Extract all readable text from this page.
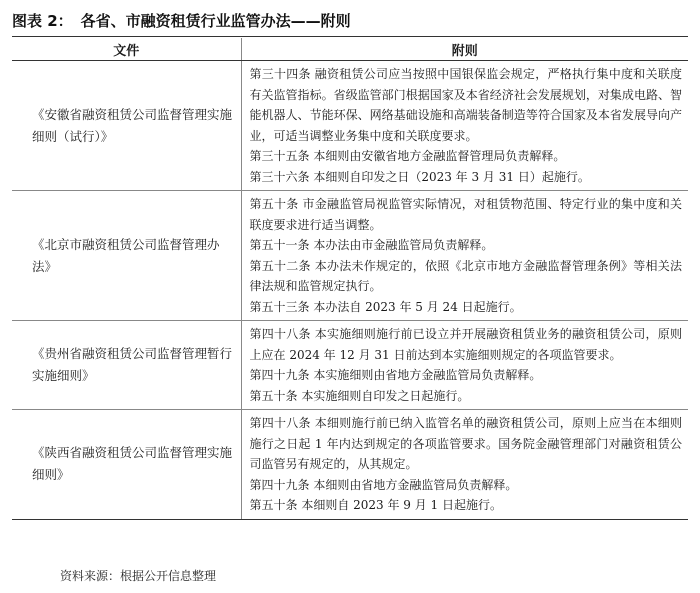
图表 2： 各省、市融资租赁行业监管办法——附则
文件	附则
《安徽省融资租赁公司监督管理实施细则（试行）》	第三十四条 融资租赁公司应当按照中国银保监会规定，严格执行集中度和关联度有关监管指标。省级监管部门根据国家及本省经济社会发展规划，对集成电路、智能机器人、节能环保、网络基础设施和高端装备制造等符合国家及本省发展导向产业，可适当调整业务集中度和关联度要求。
第三十五条 本细则由安徽省地方金融监督管理局负责解释。
第三十六条 本细则自印发之日（2023 年 3 月 31 日）起施行。

《北京市融资租赁公司监督管理办法》	第五十条 市金融监管局视监管实际情况，对租赁物范围、特定行业的集中度和关联度要求进行适当调整。
第五十一条 本办法由市金融监管局负责解释。
第五十二条 本办法未作规定的，依照《北京市地方金融监督管理条例》等相关法律法规和监管规定执行。
第五十三条 本办法自 2023 年 5 月 24 日起施行。

《贵州省融资租赁公司监督管理暂行实施细则》	第四十八条 本实施细则施行前已设立并开展融资租赁业务的融资租赁公司，原则上应在 2024 年 12 月 31 日前达到本实施细则规定的各项监管要求。
第四十九条 本实施细则由省地方金融监管局负责解释。
第五十条 本实施细则自印发之日起施行。

《陕西省融资租赁公司监督管理实施细则》	第四十八条 本细则施行前已纳入监管名单的融资租赁公司，原则上应当在本细则施行之日起 1 年内达到规定的各项监管要求。国务院金融管理部门对融资租赁公司监管另有规定的，从其规定。
第四十九条 本细则由省地方金融监管局负责解释。
第五十条 本细则自 2023 年 9 月 1 日起施行。
资料来源：根据公开信息整理
